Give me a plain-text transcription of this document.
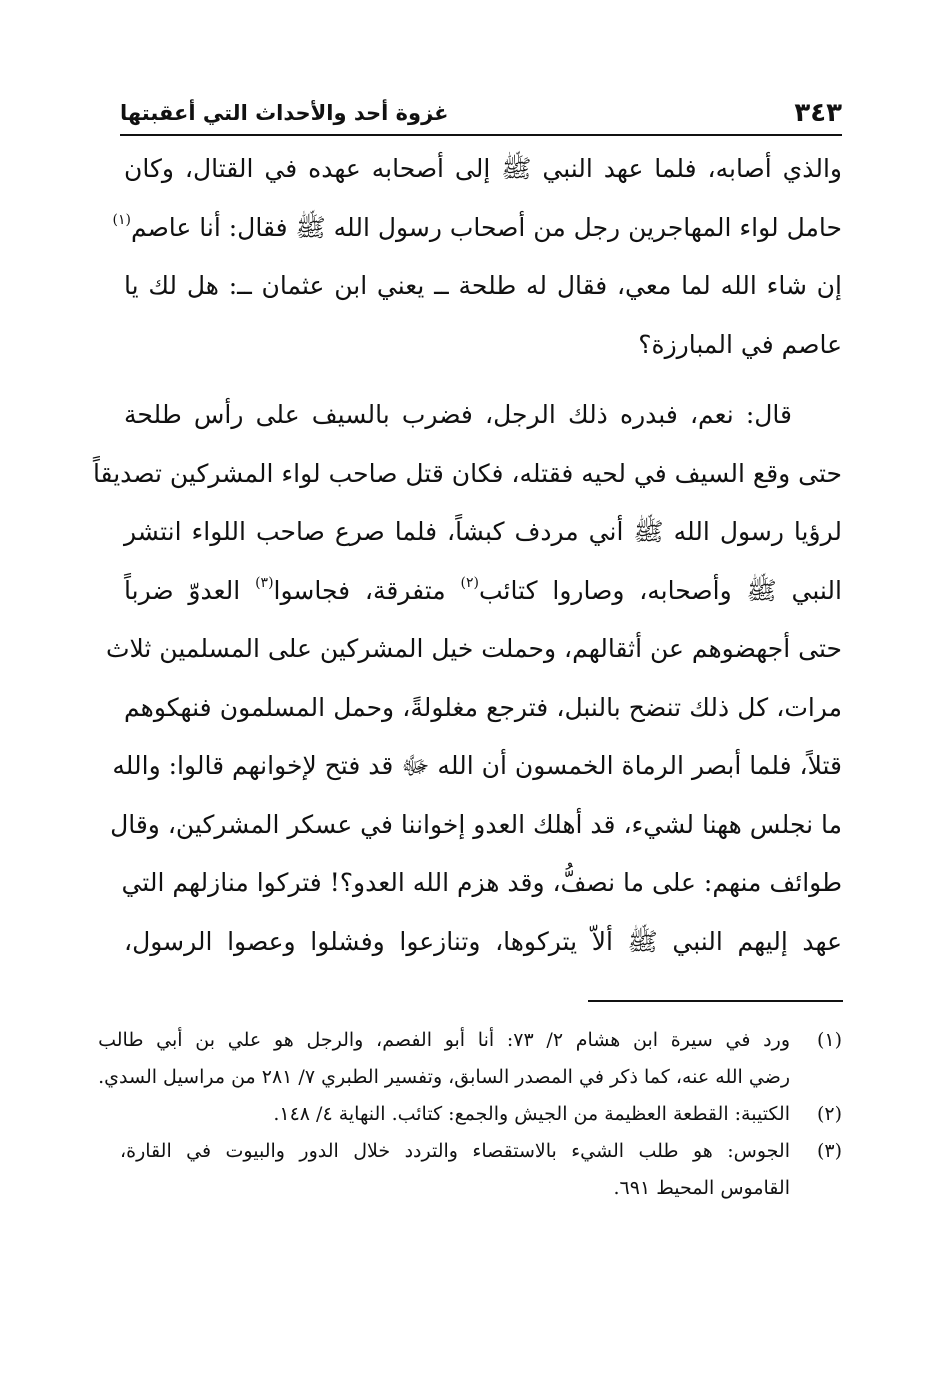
٣٤٣
غزوة أحد والأحداث التي أعقبتها
والذي أصابه، فلما عهد النبي ﷺ إلى أصحابه عهده في القتال، وكان
حامل لواء المهاجرين رجل من أصحاب رسول الله ﷺ فقال: أنا عاصم$^{(١)}$
إن شاء الله لما معي، فقال له طلحة ــ يعني ابن عثمان ــ: هل لك يا
عاصم في المبارزة؟
قال: نعم، فبدره ذلك الرجل، فضرب بالسيف على رأس طلحة
حتى وقع السيف في لحيه فقتله، فكان قتل صاحب لواء المشركين تصديقاً
لرؤيا رسول الله ﷺ أني مردف كبشاً، فلما صرع صاحب اللواء انتشر
النبي ﷺ وأصحابه، وصاروا كتائب$^{(٢)}$ متفرقة، فجاسوا$^{(٣)}$ العدوّ ضرباً
حتى أجهضوهم عن أثقالهم، وحملت خيل المشركين على المسلمين ثلاث
مرات، كل ذلك تنضح بالنبل، فترجع مغلولةً، وحمل المسلمون فنهكوهم
قتلاً، فلما أبصر الرماة الخمسون أن الله ﷻ قد فتح لإخوانهم قالوا: والله
ما نجلس ههنا لشيء، قد أهلك العدو إخواننا في عسكر المشركين، وقال
طوائف منهم: على ما نصفُّ، وقد هزم الله العدو؟! فتركوا منازلهم التي
عهد إليهم النبي ﷺ ألاّ يتركوها، وتنازعوا وفشلوا وعصوا الرسول،
(١)
ورد في سيرة ابن هشام ٢/ ٧٣: أنا أبو الفصم، والرجل هو علي بن أبي طالب
رضي الله عنه، كما ذكر في المصدر السابق، وتفسير الطبري ٧/ ٢٨١ من مراسيل السدي.
(٢)
الكتيبة: القطعة العظيمة من الجيش والجمع: كتائب. النهاية ٤/ ١٤٨.
(٣)
الجوس: هو طلب الشيء بالاستقصاء والتردد خلال الدور والبيوت في القارة،
القاموس المحيط ٦٩١.
